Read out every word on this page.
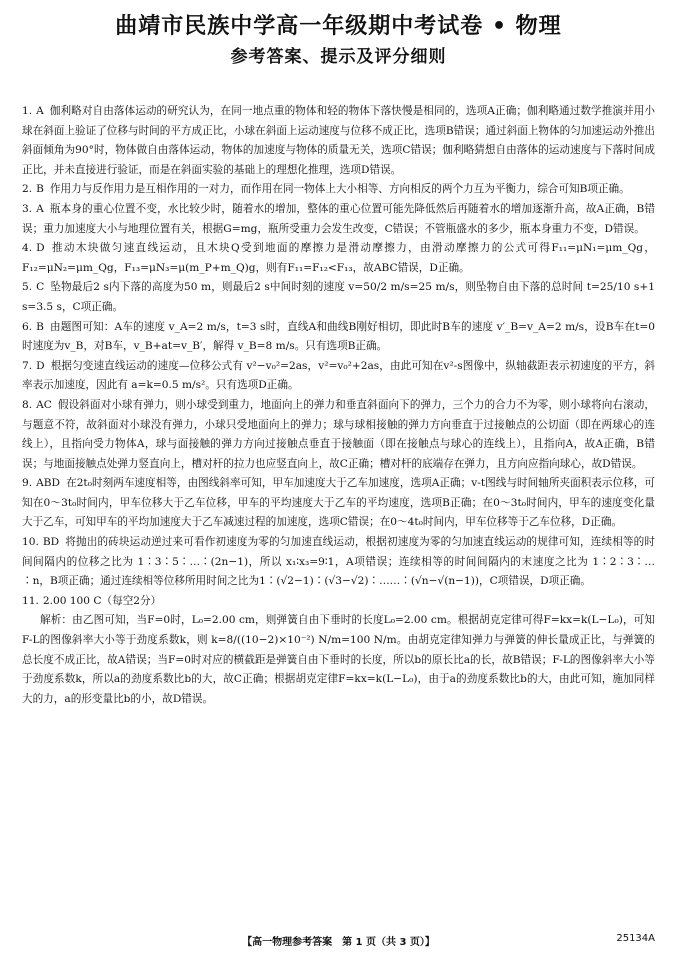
曲靖市民族中学高一年级期中考试卷 • 物理
参考答案、提示及评分细则

1. A 伽利略对自由落体运动的研究认为，在同一地点重的物体和轻的物体下落快慢是相同的，选项A正确；伽利略通过数学推演并用小球在斜面上验证了位移与时间的平方成正比，小球在斜面上运动速度与位移不成正比，选项B错误；通过斜面上物体的匀加速运动外推出斜面倾角为90°时，物体做自由落体运动，物体的加速度与物体的质量无关，选项C错误；伽利略猜想自由落体的运动速度与下落时间成正比，并未直接进行验证，而是在斜面实验的基础上的理想化推理，选项D错误。

2. B 作用力与反作用力是互相作用的一对力，而作用在同一物体上大小相等、方向相反的两个力互为平衡力，综合可知B项正确。

3. A 瓶本身的重心位置不变，水比较少时，随着水的增加，整体的重心位置可能先降低然后再随着水的增加逐渐升高，故A正确，B错误；重力加速度大小与地理位置有关，根据G=mg，瓶所受重力会发生改变，C错误；不管瓶盛水的多少，瓶本身重力不变，D错误。

4. D 推动木块做匀速直线运动，且木块Q受到地面的摩擦力是滑动摩擦力，由滑动摩擦力的公式可得F₁₁=μN₁=μm_Qg，F₁₂=μN₂=μm_Qg，F₁₃=μN₃=μ(m_P+m_Q)g，则有F₁₁=F₁₂<F₁₃，故ABC错误，D正确。

5. C 坠物最后2 s内下落的高度为50 m，则最后2 s中间时刻的速度 v=50/2 m/s=25 m/s，则坠物自由下落的总时间 t=25/10 s+1 s=3.5 s，C项正确。

6. B 由题图可知：A车的速度 v_A=2 m/s，t=3 s时，直线A和曲线B刚好相切，即此时B车的速度 v′_B=v_A=2 m/s，设B车在t=0时速度为v_B，对B车，v_B+at=v_B′，解得 v_B=8 m/s。只有选项B正确。

7. D 根据匀变速直线运动的速度—位移公式有 v²−v₀²=2as，v²=v₀²+2as，由此可知在v²-s图像中，纵轴截距表示初速度的平方，斜率表示加速度，因此有 a=k=0.5 m/s²。只有选项D正确。

8. AC 假设斜面对小球有弹力，则小球受到重力，地面向上的弹力和垂直斜面向下的弹力，三个力的合力不为零，则小球将向右滚动，与题意不符，故斜面对小球没有弹力，小球只受地面向上的弹力；球与球相接触的弹力方向垂直于过接触点的公切面（即在两球心的连线上），且指向受力物体A，球与面接触的弹力方向过接触点垂直于接触面（即在接触点与球心的连线上），且指向A，故A正确，B错误；与地面接触点处弹力竖直向上，槽对杆的拉力也应竖直向上，故C正确；槽对杆的底端存在弹力，且方向应指向球心，故D错误。

9. ABD 在2t₀时刻两车速度相等，由图线斜率可知，甲车加速度大于乙车加速度，选项A正确；v-t图线与时间轴所夹面积表示位移，可知在0～3t₀时间内，甲车位移大于乙车位移，甲车的平均速度大于乙车的平均速度，选项B正确；在0～3t₀时间内，甲车的速度变化量大于乙车，可知甲车的平均加速度大于乙车减速过程的加速度，选项C错误；在0～4t₀时间内，甲车位移等于乙车位移，D正确。

10. BD 将抛出的砖块运动逆过来可看作初速度为零的匀加速直线运动，根据初速度为零的匀加速直线运动的规律可知，连续相等的时间间隔内的位移之比为 1∶3∶5∶…∶(2n−1)，所以 x₁∶x₃=9∶1，A项错误；连续相等的时间间隔内的末速度之比为 1∶2∶3∶…∶n，B项正确；通过连续相等位移所用时间之比为1∶(√2−1)∶(√3−√2)∶……∶(√n−√(n−1))，C项错误，D项正确。

11. 2.00 100 C（每空2分）
解析：由乙图可知，当F=0时，L₀=2.00 cm，则弹簧自由下垂时的长度L₀=2.00 cm。根据胡克定律可得F=kx=k(L−L₀)，可知F-L的图像斜率大小等于劲度系数k，则 k=8/((10−2)×10⁻²) N/m=100 N/m。由胡克定律知弹力与弹簧的伸长量成正比，与弹簧的总长度不成正比，故A错误；当F=0时对应的横截距是弹簧自由下垂时的长度，所以b的原长比a的长，故B错误；F-L的图像斜率大小等于劲度系数k，所以a的劲度系数比b的大，故C正确；根据胡克定律F=kx=k(L−L₀)，由于a的劲度系数比b的大，由此可知，施加同样大的力，a的形变量比b的小，故D错误。

【高一物理参考答案　第 1 页（共 3 页）】	25134A
